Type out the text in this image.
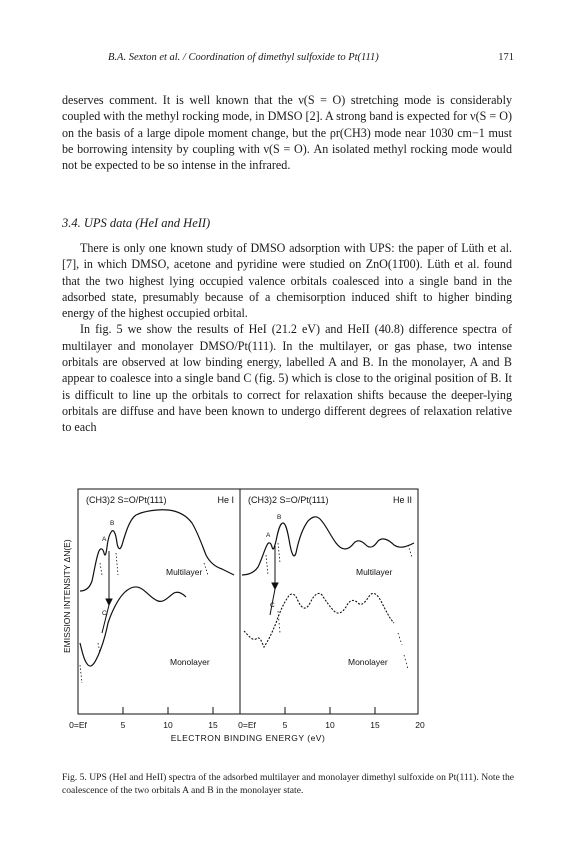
B.A. Sexton et al. / Coordination of dimethyl sulfoxide to Pt(111)	171

deserves comment. It is well known that the ν(S = O) stretching mode is considerably coupled with the methyl rocking mode, in DMSO [2]. A strong band is expected for ν(S = O) on the basis of a large dipole moment change, but the ρr(CH3) mode near 1030 cm−1 must be borrowing intensity by coupling with ν(S = O). An isolated methyl rocking mode would not be expected to be so intense in the infrared.

3.4. UPS data (HeI and HeII)

There is only one known study of DMSO adsorption with UPS: the paper of Lüth et al. [7], in which DMSO, acetone and pyridine were studied on ZnO(11̄00). Lüth et al. found that the two highest lying occupied valence orbitals coalesced into a single band in the adsorbed state, presumably because of a chemisorption induced shift to higher binding energy of the highest occupied orbital.

In fig. 5 we show the results of HeI (21.2 eV) and HeII (40.8) difference spectra of multilayer and monolayer DMSO/Pt(111). In the multilayer, or gas phase, two intense orbitals are observed at low binding energy, labelled A and B. In the monolayer, A and B appear to coalesce into a single band C (fig. 5) which is close to the original position of B. It is difficult to line up the orbitals to correct for relaxation shifts because the deeper-lying orbitals are diffuse and have been known to undergo different degrees of relaxation relative to each

(CH3)2 S=O/Pt(111)	He I (CH3)2 S=O/Pt(111)	He II
EMISSION INTENSITY ΔN(E)	A
B
C
A
B
C
Multilayer
Monolayer
Multilayer
Monolayer
0=Ef	5	10	15 0=Ef	5	10	15	20
ELECTRON BINDING ENERGY (eV)

Fig. 5. UPS (HeI and HeII) spectra of the adsorbed multilayer and monolayer dimethyl sulfoxide on Pt(111). Note the coalescence of the two orbitals A and B in the monolayer state.
